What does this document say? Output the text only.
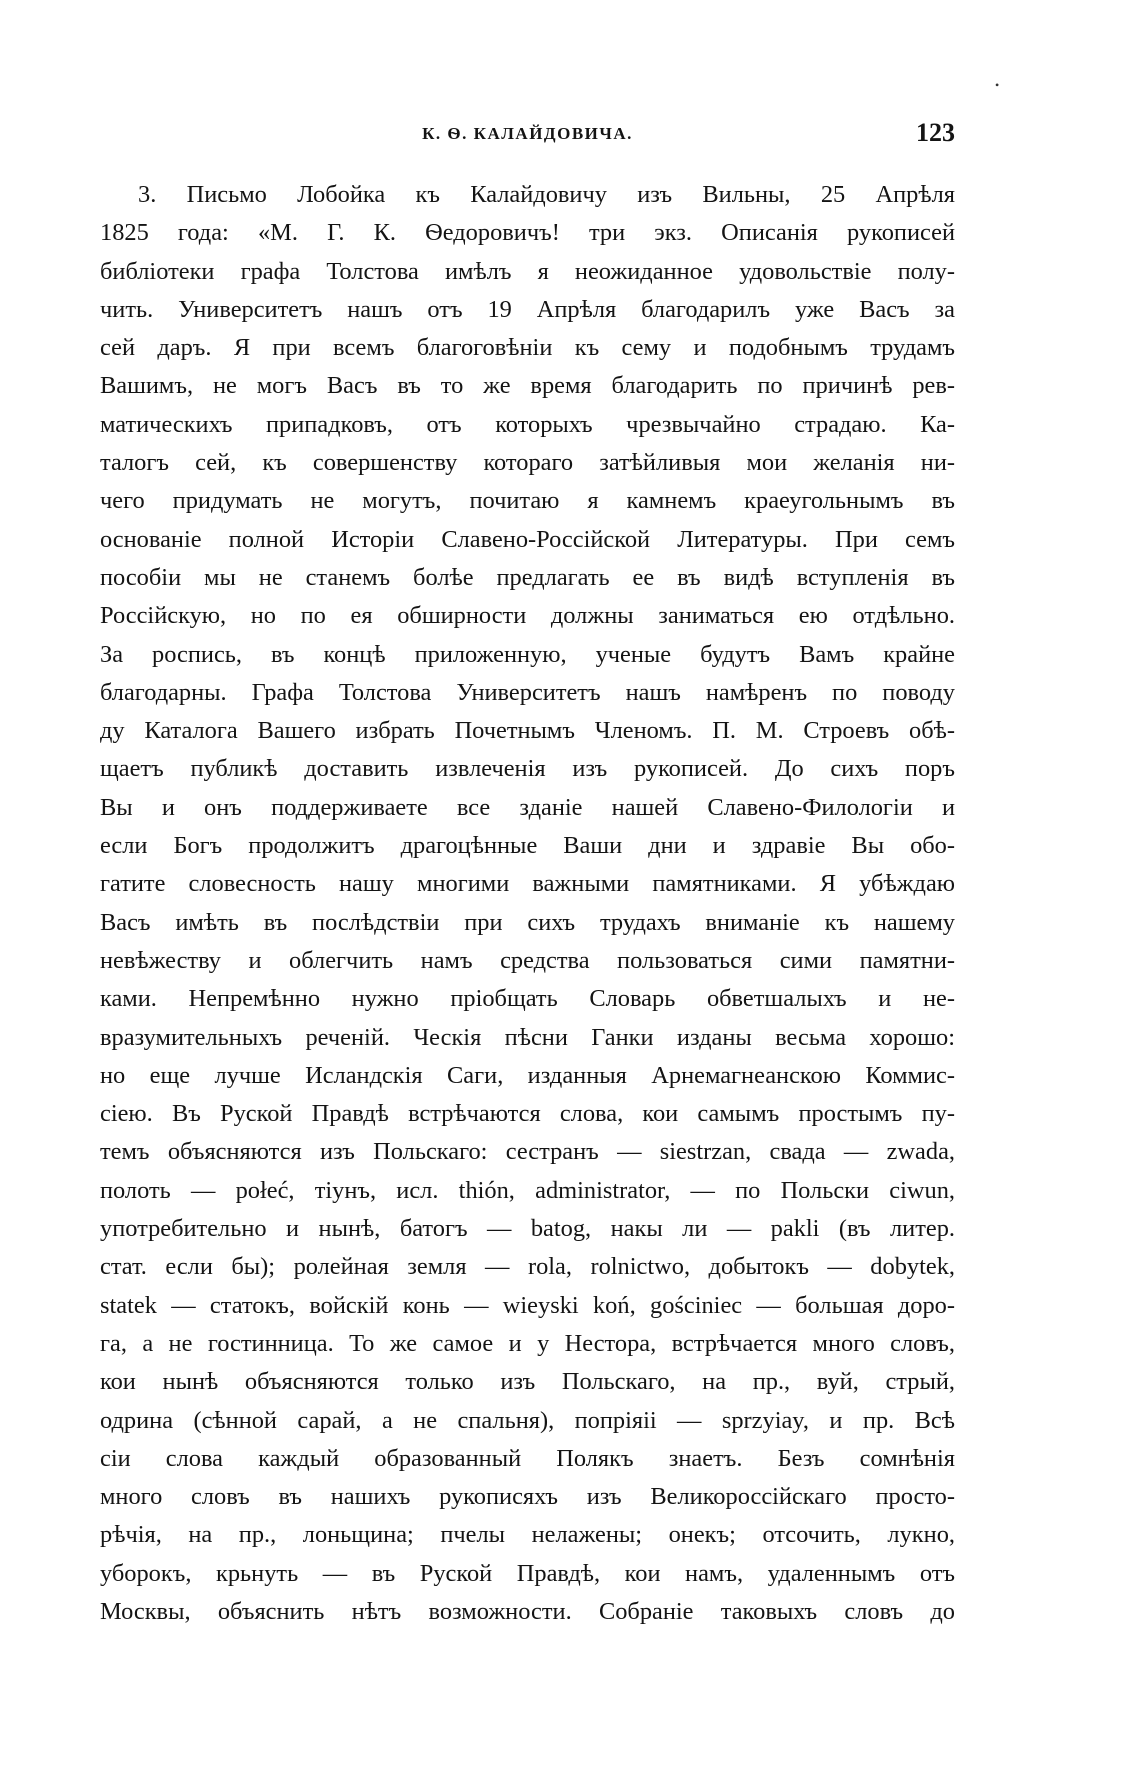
•
К. Ѳ. КАЛАЙДОВИЧА.	123
3. Письмо Лобойка къ Калайдовичу изъ Вильны, 25 Апрѣля
1825 года: «М. Г. К. Ѳедоровичъ! три экз. Описанія рукописей
библіотеки графа Толстова имѣлъ я неожиданное удовольствіе полу-
чить. Университетъ нашъ отъ 19 Апрѣля благодарилъ уже Васъ за
сей даръ. Я при всемъ благоговѣніи къ сему и подобнымъ трудамъ
Вашимъ, не могъ Васъ въ то же время благодарить по причинѣ рев-
матическихъ припадковъ, отъ которыхъ чрезвычайно страдаю. Ка-
талогъ сей, къ совершенству котораго затѣйливыя мои желанія ни-
чего придумать не могутъ, почитаю я камнемъ краеугольнымъ въ
основаніе полной Исторіи Славено-Россійской Литературы. При семъ
пособіи мы не станемъ болѣе предлагать ее въ видѣ вступленія въ
Россійскую, но по ея обширности должны заниматься ею отдѣльно.
За роспись, въ концѣ приложенную, ученые будутъ Вамъ крайне
благодарны. Графа Толстова Университетъ нашъ намѣренъ по поводу
ду Каталога Вашего избрать Почетнымъ Членомъ. П. М. Строевъ обѣ-
щаетъ публикѣ доставить извлеченія изъ рукописей. До сихъ поръ
Вы и онъ поддерживаете все зданіе нашей Славено-Филологіи и
если Богъ продолжитъ драгоцѣнные Ваши дни и здравіе Вы обо-
гатите словесность нашу многими важными памятниками. Я убѣждаю
Васъ имѣть въ послѣдствіи при сихъ трудахъ вниманіе къ нашему
невѣжеству и облегчить намъ средства пользоваться сими памятни-
ками. Непремѣнно нужно пріобщать Словарь обветшалыхъ и не-
вразумительныхъ реченій. Ческія пѣсни Ганки изданы весьма хорошо:
но еще лучше Исландскія Саги, изданныя Арнемагнеанскою Коммис-
сіею. Въ Руской Правдѣ встрѣчаются слова, кои самымъ простымъ пу-
темъ объясняются изъ Польскаго: сестранъ — siestrzan, свада — zwada,
полоть — połeć, тіунъ, исл. thión, administrator, — по Польски ciwun,
употребительно и нынѣ, батогъ — batog, накы ли — pakli (въ литер.
стат. если бы); ролейная земля — rola, rolnictwo, добытокъ — dobytek,
statek — статокъ, войскій конь — wieyski koń, gościniec — большая доро-
га, а не гостинница. То же самое и у Нестора, встрѣчается много словъ,
кои нынѣ объясняются только изъ Польскаго, на пр., вуй, стрый,
одрина (сѣнной сарай, а не спальня), попріяіі — sprzyiay, и пр. Всѣ
сіи слова каждый образованный Полякъ знаетъ. Безъ сомнѣнія
много словъ въ нашихъ рукописяхъ изъ Великороссійскаго просто-
рѣчія, на пр., лоньщина; пчелы нелажены; онекъ; отсочить, лукно,
уборокъ, крьнуть — въ Руской Правдѣ, кои намъ, удаленнымъ отъ
Москвы, объяснить нѣтъ возможности. Собраніе таковыхъ словъ до
